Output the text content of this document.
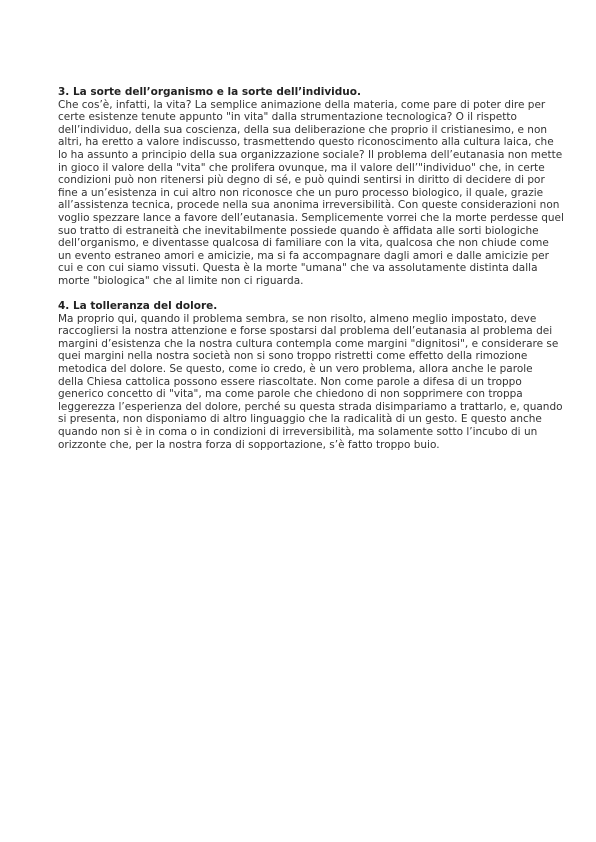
3. La sorte dell’organismo e la sorte dell’individuo.
Che cos’è, infatti, la vita? La semplice animazione della materia, come pare di poter dire per
certe esistenze tenute appunto "in vita" dalla strumentazione tecnologica? O il rispetto
dell’individuo, della sua coscienza, della sua deliberazione che proprio il cristianesimo, e non
altri, ha eretto a valore indiscusso, trasmettendo questo riconoscimento alla cultura laica, che
lo ha assunto a principio della sua organizzazione sociale? Il problema dell’eutanasia non mette
in gioco il valore della "vita" che prolifera ovunque, ma il valore dell’"individuo" che, in certe
condizioni può non ritenersi più degno di sé, e può quindi sentirsi in diritto di decidere di por
fine a un’esistenza in cui altro non riconosce che un puro processo biologico, il quale, grazie
all’assistenza tecnica, procede nella sua anonima irreversibilità. Con queste considerazioni non
voglio spezzare lance a favore dell’eutanasia. Semplicemente vorrei che la morte perdesse quel
suo tratto di estraneità che inevitabilmente possiede quando è affidata alle sorti biologiche
dell’organismo, e diventasse qualcosa di familiare con la vita, qualcosa che non chiude come
un evento estraneo amori e amicizie, ma si fa accompagnare dagli amori e dalle amicizie per
cui e con cui siamo vissuti. Questa è la morte "umana" che va assolutamente distinta dalla
morte "biologica" che al limite non ci riguarda.
4. La tolleranza del dolore.
Ma proprio qui, quando il problema sembra, se non risolto, almeno meglio impostato, deve
raccogliersi la nostra attenzione e forse spostarsi dal problema dell’eutanasia al problema dei
margini d’esistenza che la nostra cultura contempla come margini "dignitosi", e considerare se
quei margini nella nostra società non si sono troppo ristretti come effetto della rimozione
metodica del dolore. Se questo, come io credo, è un vero problema, allora anche le parole
della Chiesa cattolica possono essere riascoltate. Non come parole a difesa di un troppo
generico concetto di "vita", ma come parole che chiedono di non sopprimere con troppa
leggerezza l’esperienza del dolore, perché su questa strada disimpariamo a trattarlo, e, quando
si presenta, non disponiamo di altro linguaggio che la radicalità di un gesto. E questo anche
quando non si è in coma o in condizioni di irreversibilità, ma solamente sotto l’incubo di un
orizzonte che, per la nostra forza di sopportazione, s’è fatto troppo buio.
